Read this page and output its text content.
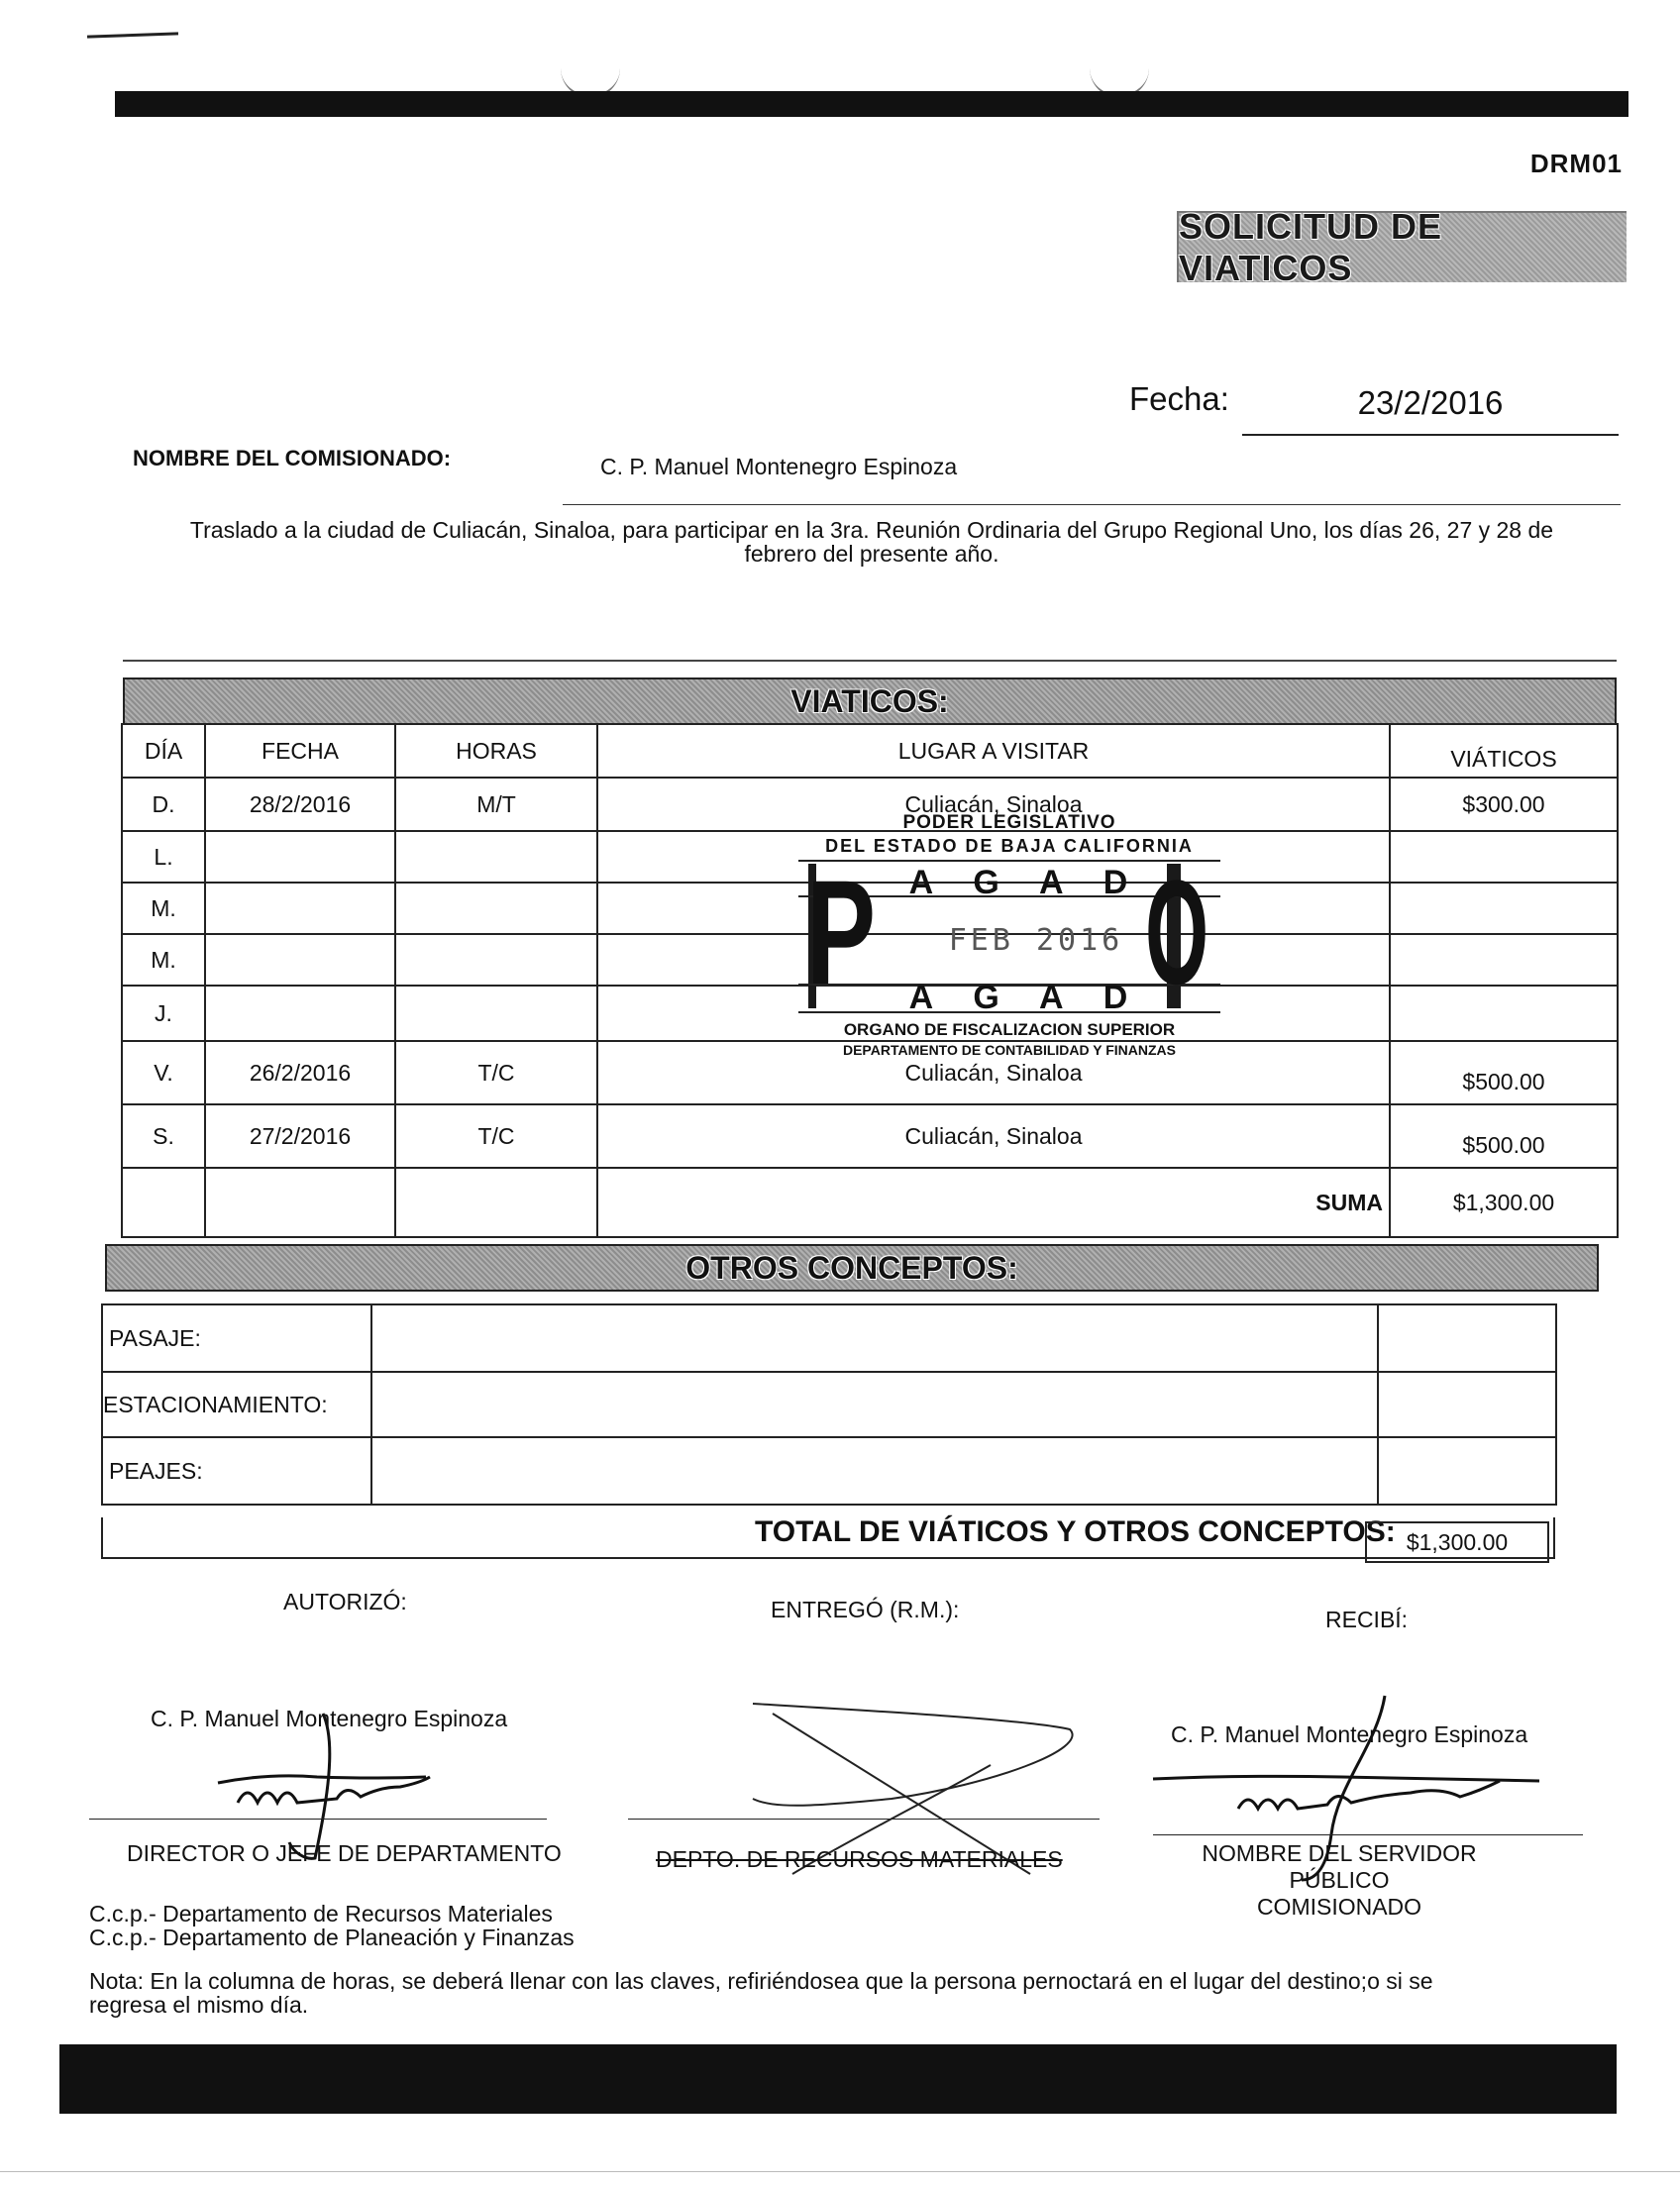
DRM01
SOLICITUD DE VIATICOS
Fecha:	23/2/2016
NOMBRE DEL COMISIONADO:	C. P. Manuel Montenegro Espinoza
Traslado a la ciudad de Culiacán, Sinaloa, para participar en la 3ra. Reunión Ordinaria del Grupo Regional Uno, los días 26, 27 y 28 de
febrero del presente año.
VIATICOS:
DÍA	FECHA	HORAS	LUGAR A VISITAR	VIÁTICOS
D.	28/2/2016	M/T	Culiacán, Sinaloa	$300.00
L.				
M.				
M.				
J.				
V.	26/2/2016	T/C	Culiacán, Sinaloa	$500.00
S.	27/2/2016	T/C	Culiacán, Sinaloa	$500.00
			SUMA	$1,300.00
PODER LEGISLATIVO
DEL ESTADO DE BAJA CALIFORNIA
P O
A G A D
FEB 2016
A G A D
ORGANO DE FISCALIZACION SUPERIOR
DEPARTAMENTO DE CONTABILIDAD Y FINANZAS
OTROS CONCEPTOS:
PASAJE:		
ESTACIONAMIENTO:		
PEAJES:		
TOTAL DE VIÁTICOS Y OTROS CONCEPTOS: $1,300.00
AUTORIZÓ:	ENTREGÓ (R.M.):	RECIBÍ:
C. P. Manuel Montenegro Espinoza
C. P. Manuel Montenegro Espinoza
DIRECTOR O JEFE DE DEPARTAMENTO	DEPTO. DE RECURSOS MATERIALES	NOMBRE DEL SERVIDOR PÚBLICO
COMISIONADO
C.c.p.- Departamento de Recursos Materiales
C.c.p.- Departamento de Planeación y Finanzas
Nota: En la columna de horas, se deberá llenar con las claves, refiriéndosea que la persona pernoctará en el lugar del destino;o si se
regresa el mismo día.
